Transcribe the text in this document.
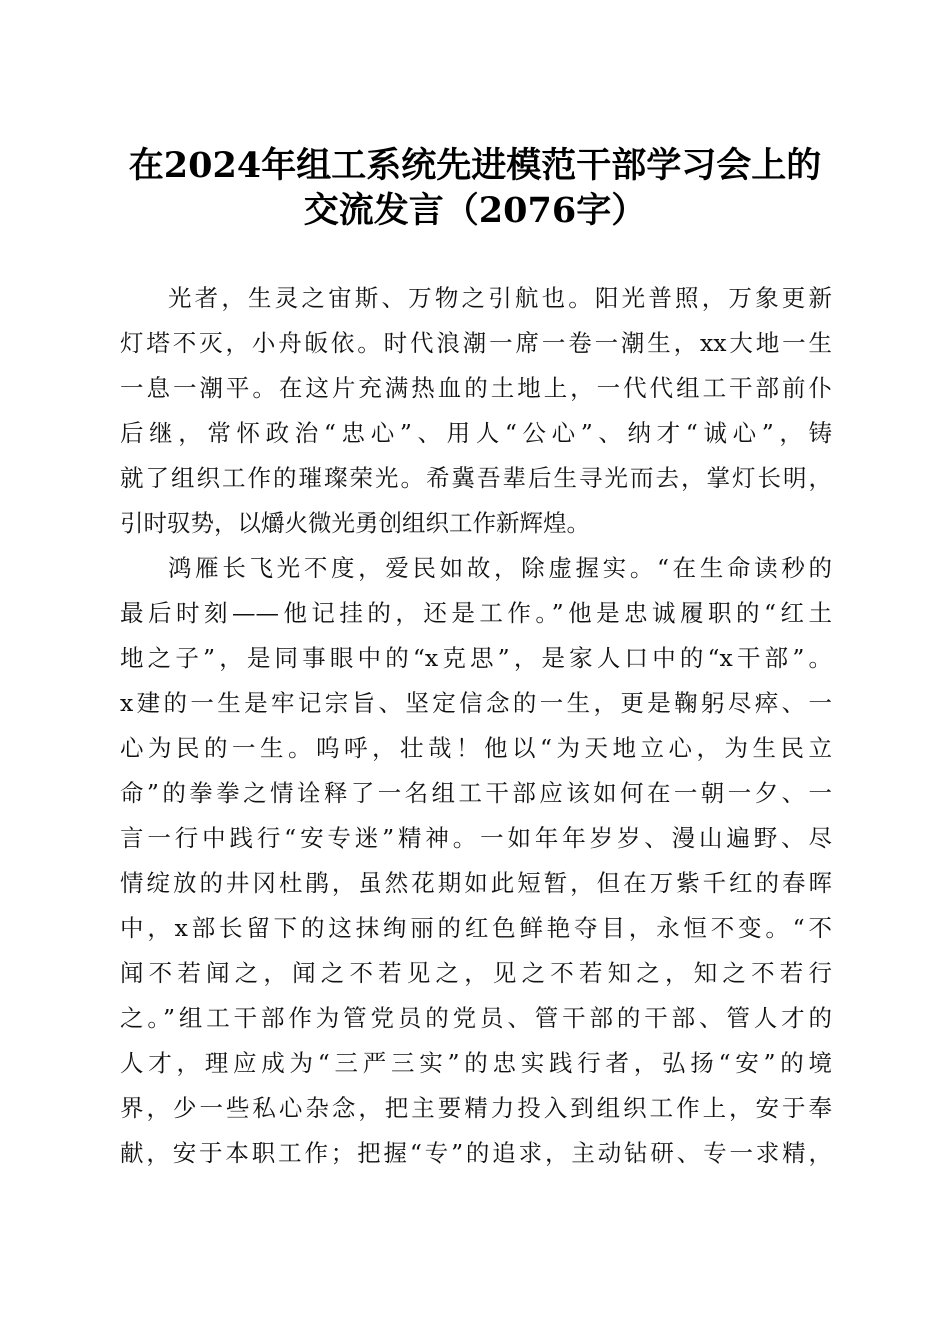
在2024年组工系统先进模范干部学习会上的
交流发言（2076字）
光者，生灵之宙斯、万物之引航也。阳光普照，万象更新
灯塔不灭，小舟皈依。时代浪潮一席一卷一潮生，xx大地一生
一息一潮平。在这片充满热血的土地上，一代代组工干部前仆
后继，常怀政治“忠心”、用人“公心”、纳才“诚心”，铸
就了组织工作的璀璨荣光。希冀吾辈后生寻光而去，掌灯长明，
引时驭势，以爝火微光勇创组织工作新辉煌。
鸿雁长飞光不度，爱民如故，除虚握实。“在生命读秒的
最后时刻——他记挂的，还是工作。”他是忠诚履职的“红土
地之子”，是同事眼中的“x克思”，是家人口中的“x干部”。
x建的一生是牢记宗旨、坚定信念的一生，更是鞠躬尽瘁、一
心为民的一生。呜呼，壮哉！他以“为天地立心，为生民立
命”的拳拳之情诠释了一名组工干部应该如何在一朝一夕、一
言一行中践行“安专迷”精神。一如年年岁岁、漫山遍野、尽
情绽放的井冈杜鹃，虽然花期如此短暂，但在万紫千红的春晖
中，x部长留下的这抹绚丽的红色鲜艳夺目，永恒不变。“不
闻不若闻之，闻之不若见之，见之不若知之，知之不若行
之。”组工干部作为管党员的党员、管干部的干部、管人才的
人才，理应成为“三严三实”的忠实践行者，弘扬“安”的境
界，少一些私心杂念，把主要精力投入到组织工作上，安于奉
献，安于本职工作；把握“专”的追求，主动钻研、专一求精，
